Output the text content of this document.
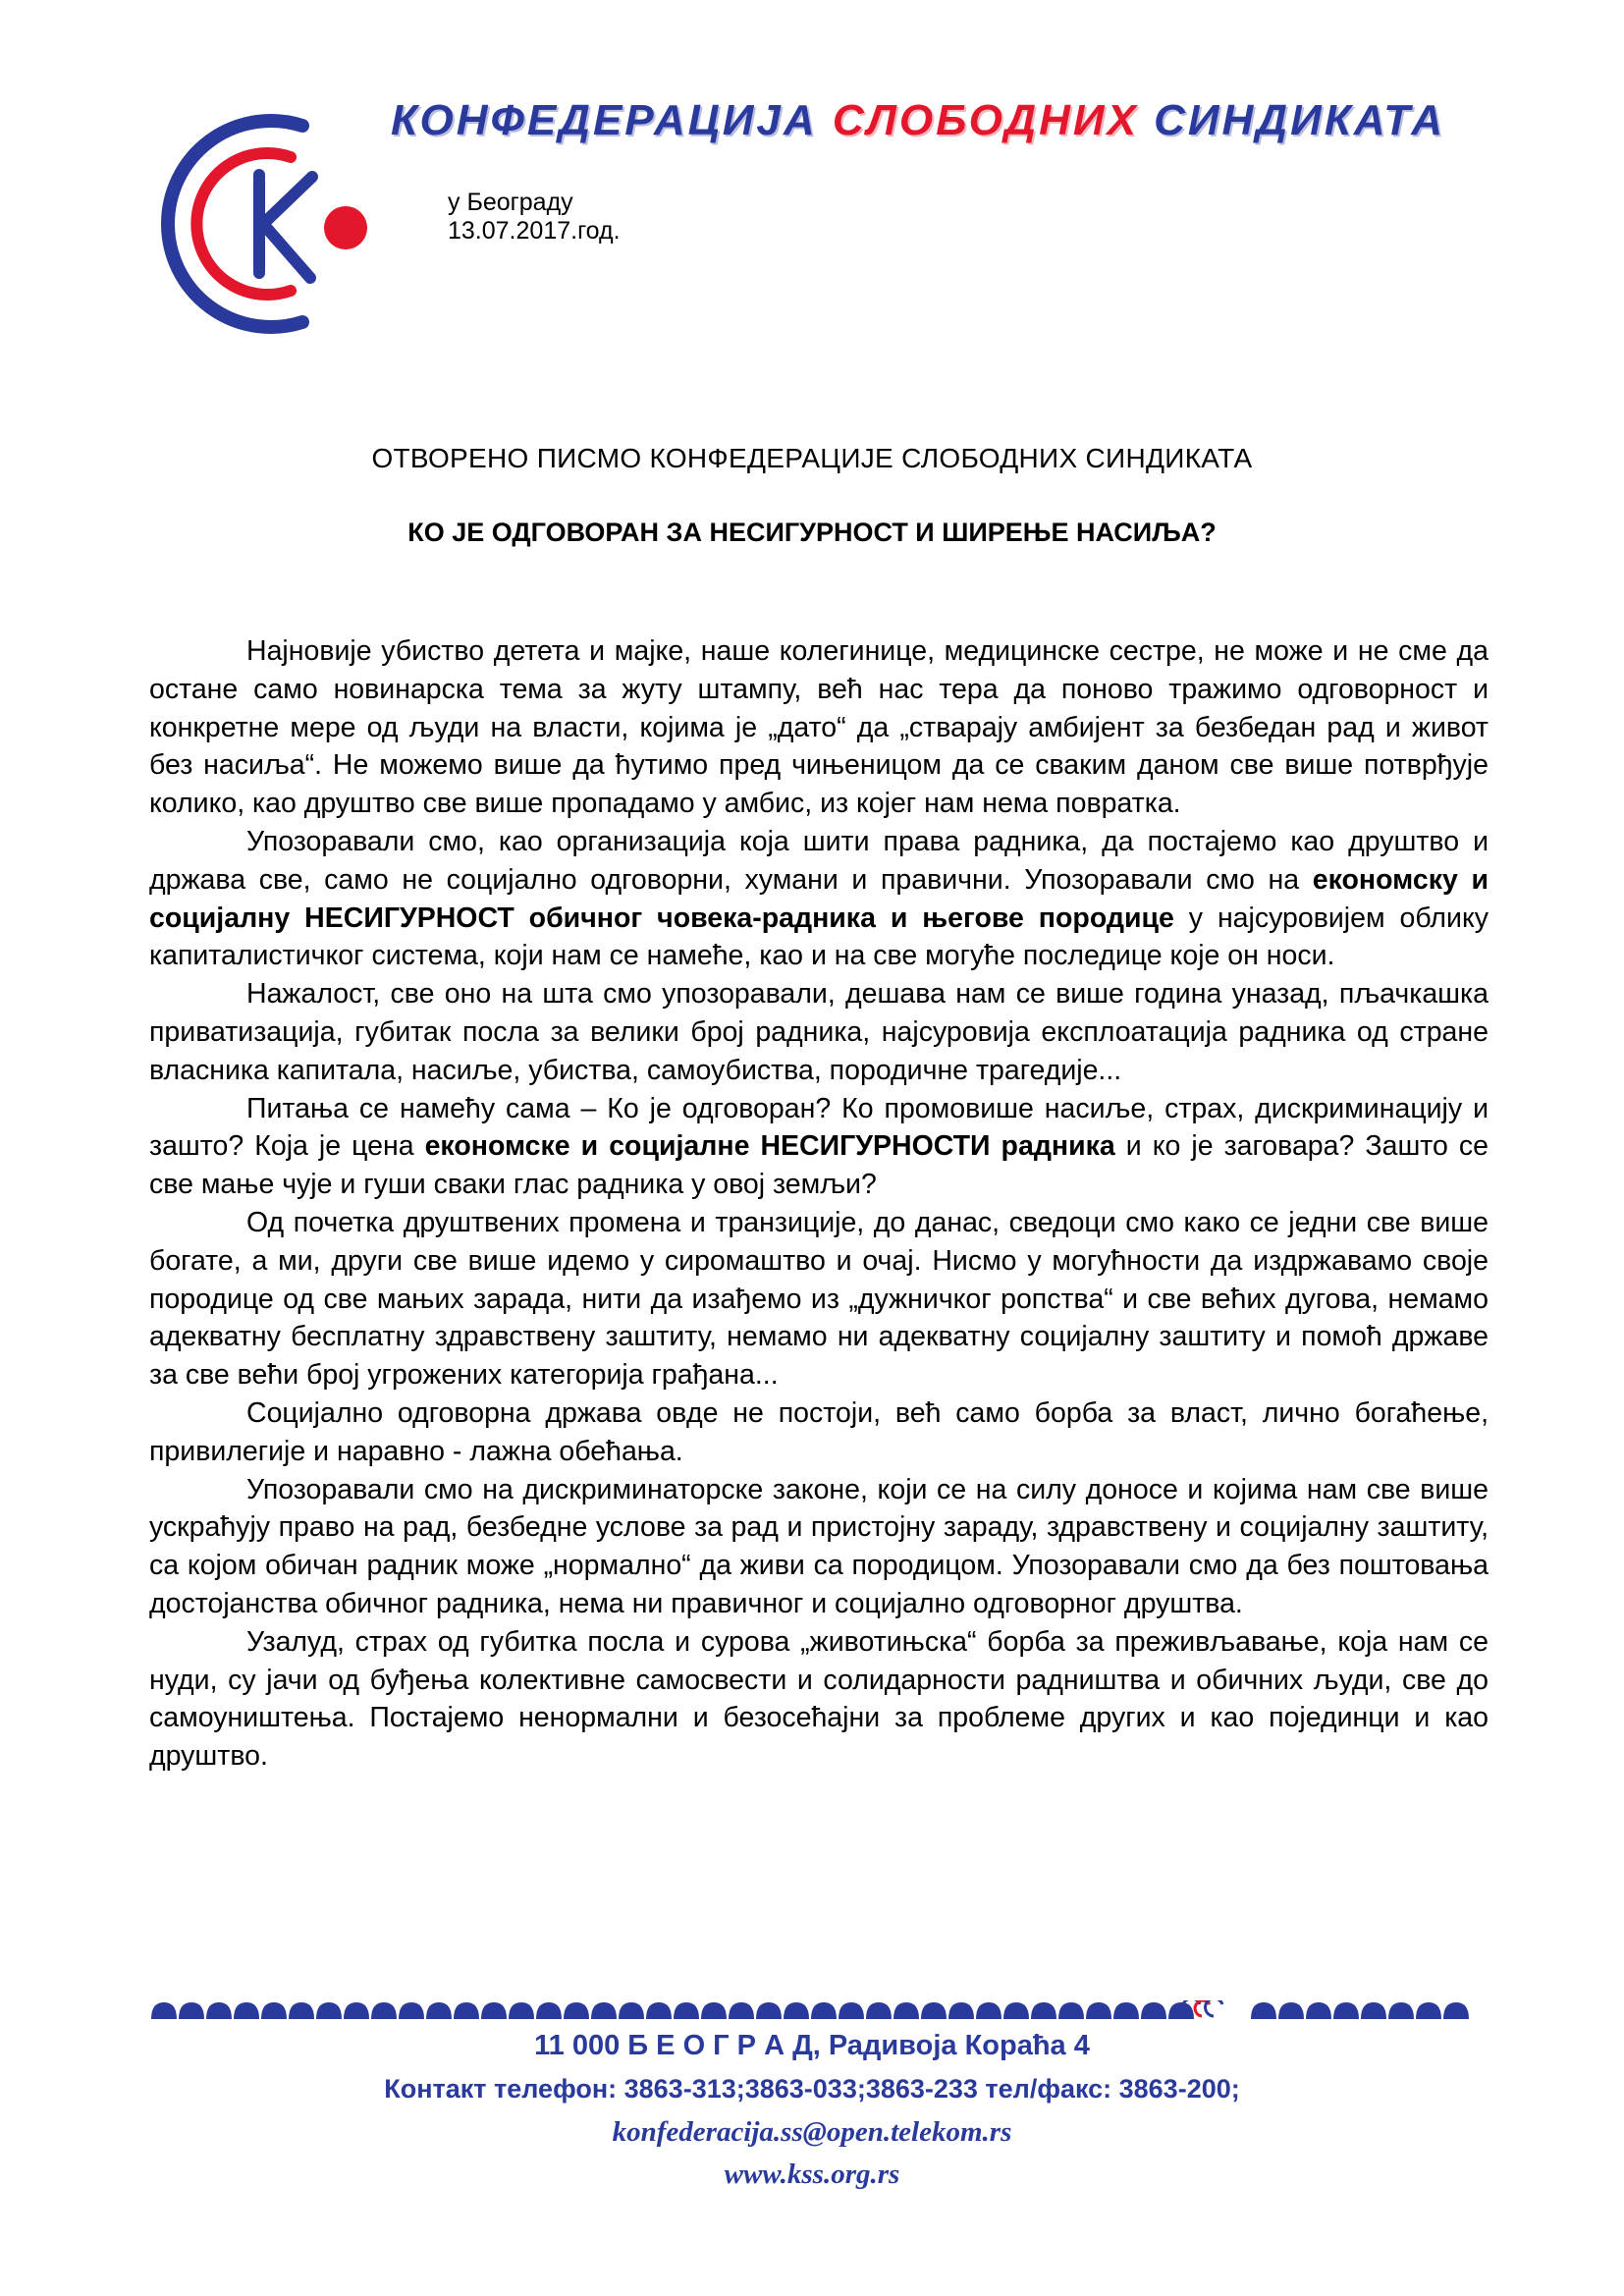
КОНФЕДЕРАЦИЈА СЛОБОДНИХ СИНДИКАТА
у Београду
13.07.2017.год.
ОТВОРЕНО ПИСМО КОНФЕДЕРАЦИЈЕ СЛОБОДНИХ СИНДИКАТА
КО ЈЕ ОДГОВОРАН ЗА НЕСИГУРНОСТ И ШИРЕЊЕ НАСИЉА?

Најновије убиство детета и мајке, наше колегинице, медицинске сестре, не може и не сме да остане само новинарска тема за жуту штампу, већ нас тера да поново тражимо одговорност и конкретне мере од људи на власти, којима је „дато“ да „стварају амбијент за безбедан рад и живот без насиља“. Не можемо више да ћутимо пред чињеницом да се сваким даном све више потврђује колико, као друштво све више пропадамо у амбис, из којег нам нема повратка.

Упозоравали смо, као организација која шити права радника, да постајемо као друштво и држава све, само не социјално одговорни, хумани и правични. Упозоравали смо на економску и социјалну НЕСИГУРНОСТ обичног човека-радника и његове породице у најсуровијем облику капиталистичког система, који нам се намеће, као и на све могуће последице које он носи.

Нажалост, све оно на шта смо упозоравали, дешава нам се више година уназад, пљачкашка приватизација, губитак посла за велики број радника, најсуровија експлоатација радника од стране власника капитала, насиље, убиства, самоубиства, породичне трагедије...

Питања се намећу сама – Ко је одговоран? Ко промовише насиље, страх, дискриминацију и зашто? Која је цена економске и социјалне НЕСИГУРНОСТИ радника и ко је заговара? Зашто се све мање чује и гуши сваки глас радника у овој земљи?

Од почетка друштвених промена и транзиције, до данас, сведоци смо како се једни све више богате, а ми, други све више идемо у сиромаштво и очај. Нисмо у могућности да издржавамо своје породице од све мањих зарада, нити да изађемо из „дужничког ропства“ и све већих дугова, немамо адекватну бесплатну здравствену заштиту, немамо ни адекватну социјалну заштиту и помоћ државе за све већи број угрожених категорија грађана...

Социјално одговорна држава овде не постоји, већ само борба за власт, лично богаћење, привилегије и наравно - лажна обећања.

Упозоравали смо на дискриминаторске законе, који се на силу доносе и којима нам све више ускраћују право на рад, безбедне услове за рад и пристојну зараду, здравствену и социјалну заштиту, са којом обичан радник може „нормално“ да живи са породицом. Упозоравали смо да без поштовања достојанства обичног радника, нема ни правичног и социјално одговорног друштва.

Узалуд, страх од губитка посла и сурова „животињска“ борба за преживљавање, која нам се нуди, су јачи од буђења колективне самосвести и солидарности радништва и обичних људи, све до самоуништења. Постајемо ненормални и безосећајни за проблеме других и као појединци и као друштво.

11 000 Б Е О Г Р А Д, Радивоја Кораћа 4
Контакт телефон: 3863-313;3863-033;3863-233 тел/факс: 3863-200;
konfederacija.ss@open.telekom.rs
www.kss.org.rs
